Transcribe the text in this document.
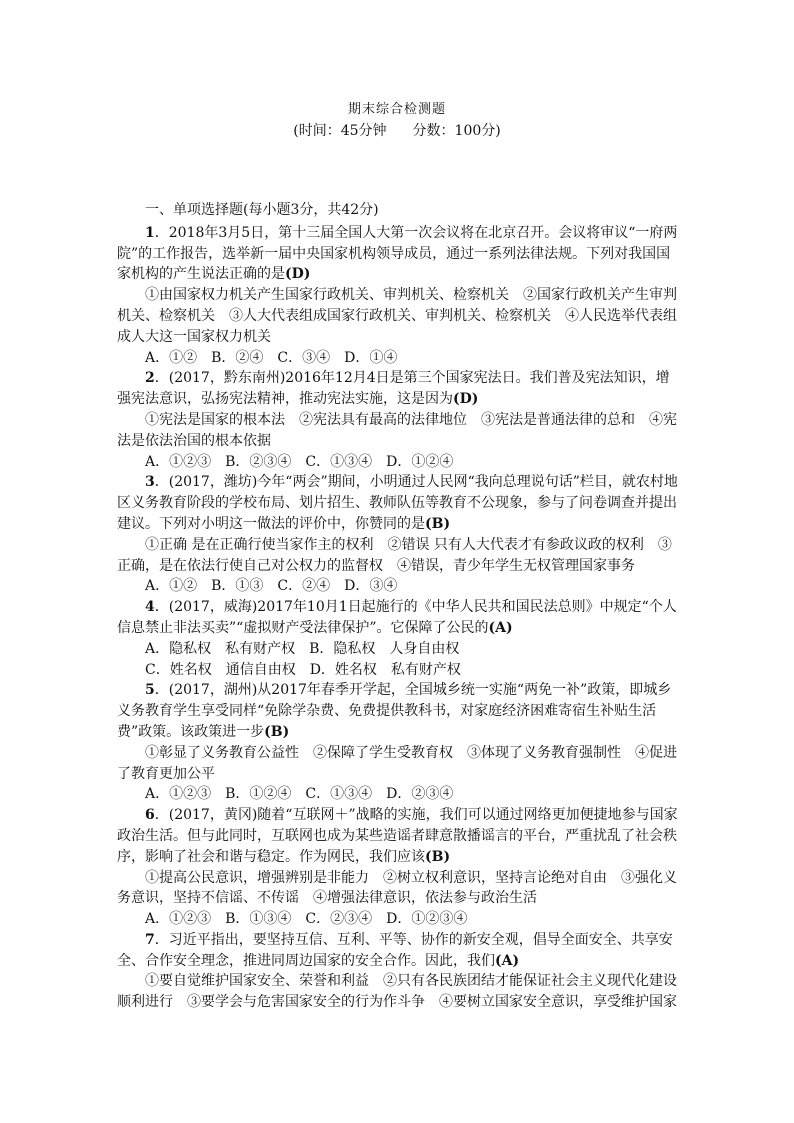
期末综合检测题
(时间：45分钟 分数：100分)
一、单项选择题(每小题3分，共42分)

1．2018年3月5日，第十三届全国人大第一次会议将在北京召开。会议将审议“一府两院”的工作报告，选举新一届中央国家机构领导成员，通过一系列法律法规。下列对我国国家机构的产生说法正确的是(D)

①由国家权力机关产生国家行政机关、审判机关、检察机关　②国家行政机关产生审判机关、检察机关　③人大代表组成国家行政机关、审判机关、检察机关　④人民选举代表组成人大这一国家权力机关

A．①②　B．②④　C．③④　D．①④

2．(2017，黔东南州)2016年12月4日是第三个国家宪法日。我们普及宪法知识，增强宪法意识，弘扬宪法精神，推动宪法实施，这是因为(D)

①宪法是国家的根本法　②宪法具有最高的法律地位　③宪法是普通法律的总和　④宪法是依法治国的根本依据

A．①②③　B．②③④　C．①③④　D．①②④

3．(2017，潍坊)今年“两会”期间，小明通过人民网“我向总理说句话”栏目，就农村地区义务教育阶段的学校布局、划片招生、教师队伍等教育不公现象，参与了问卷调查并提出建议。下列对小明这一做法的评价中，你赞同的是(B)

①正确 是在正确行使当家作主的权利　②错误 只有人大代表才有参政议政的权利　③正确，是在依法行使自己对公权力的监督权　④错误，青少年学生无权管理国家事务

A．①②　B．①③　C．②④　D．③④

4．(2017，威海)2017年10月1日起施行的《中华人民共和国民法总则》中规定“个人信息禁止非法买卖”“虚拟财产受法律保护”。它保障了公民的(A)

A．隐私权　私有财产权　B．隐私权　人身自由权
C．姓名权　通信自由权　D．姓名权　私有财产权

5．(2017，湖州)从2017年春季开学起，全国城乡统一实施“两免一补”政策，即城乡义务教育学生享受同样“免除学杂费、免费提供教科书，对家庭经济困难寄宿生补贴生活费”政策。该政策进一步(B)

①彰显了义务教育公益性　②保障了学生受教育权　③体现了义务教育强制性　④促进了教育更加公平

A．①②③　B．①②④　C．①③④　D．②③④

6．(2017，黄冈)随着“互联网＋”战略的实施，我们可以通过网络更加便捷地参与国家政治生活。但与此同时，互联网也成为某些造谣者肆意散播谣言的平台，严重扰乱了社会秩序，影响了社会和谐与稳定。作为网民，我们应该(B)

①提高公民意识，增强辨别是非能力　②树立权利意识，坚持言论绝对自由　③强化义务意识，坚持不信谣、不传谣　④增强法律意识，依法参与政治生活

A．①②③　B．①③④　C．②③④　D．①②③④

7．习近平指出，要坚持互信、互利、平等、协作的新安全观，倡导全面安全、共享安全、合作安全理念，推进同周边国家的安全合作。因此，我们(A)

①要自觉维护国家安全、荣誉和利益　②只有各民族团结才能保证社会主义现代化建设顺利进行　③要学会与危害国家安全的行为作斗争　④要树立国家安全意识，享受维护国家
